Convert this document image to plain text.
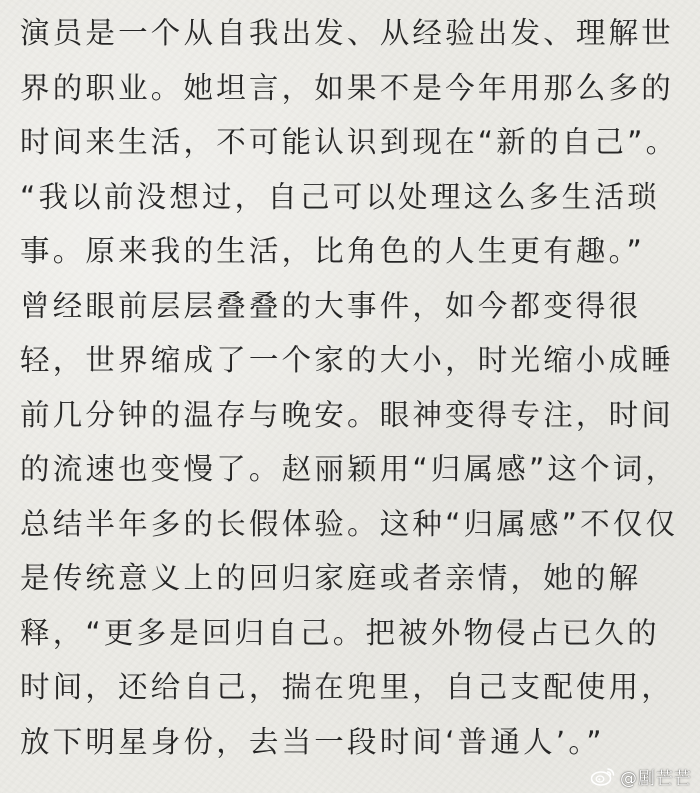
演员是一个从自我出发、从经验出发、理解世
界的职业。她坦言，如果不是今年用那么多的
时间来生活，不可能认识到现在“新的自己”。
“我以前没想过，自己可以处理这么多生活琐
事。原来我的生活，比角色的人生更有趣。”
曾经眼前层层叠叠的大事件，如今都变得很
轻，世界缩成了一个家的大小，时光缩小成睡
前几分钟的温存与晚安。眼神变得专注，时间
的流速也变慢了。赵丽颖用“归属感”这个词，
总结半年多的长假体验。这种“归属感”不仅仅
是传统意义上的回归家庭或者亲情，她的解
释，“更多是回归自己。把被外物侵占已久的
时间，还给自己，揣在兜里，自己支配使用，
放下明星身份，去当一段时间‘普通人’。”
@剧芒芒
